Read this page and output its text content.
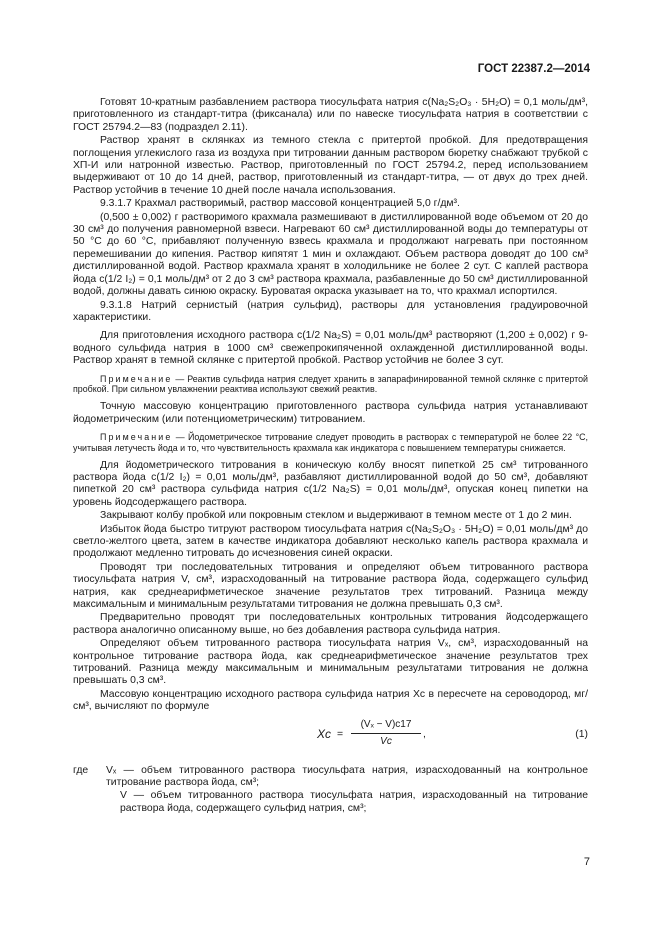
ГОСТ 22387.2—2014

Готовят 10-кратным разбавлением раствора тиосульфата натрия c(Na₂S₂O₃ · 5H₂O) = 0,1 моль/дм³, приготовленного из стандарт-титра (фиксанала) или по навеске тиосульфата натрия в соответствии с ГОСТ 25794.2—83 (подраздел 2.11).

Раствор хранят в склянках из темного стекла с притертой пробкой. Для предотвращения поглощения углекислого газа из воздуха при титровании данным раствором бюретку снабжают трубкой с ХП-И или натронной известью. Раствор, приготовленный по ГОСТ 25794.2, перед использованием выдерживают от 10 до 14 дней, раствор, приготовленный из стандарт-титра, — от двух до трех дней. Раствор устойчив в течение 10 дней после начала использования.

9.3.1.7 Крахмал растворимый, раствор массовой концентрацией 5,0 г/дм³.

(0,500 ± 0,002) г растворимого крахмала размешивают в дистиллированной воде объемом от 20 до 30 см³ до получения равномерной взвеси. Нагревают 60 см³ дистиллированной воды до температуры от 50 °С до 60 °С, прибавляют полученную взвесь крахмала и продолжают нагревать при постоянном перемешивании до кипения. Раствор кипятят 1 мин и охлаждают. Объем раствора доводят до 100 см³ дистиллированной водой. Раствор крахмала хранят в холодильнике не более 2 сут. С каплей раствора йода c(1/2 I₂) = 0,1 моль/дм³ от 2 до 3 см³ раствора крахмала, разбавленные до 50 см³ дистиллированной водой, должны давать синюю окраску. Буроватая окраска указывает на то, что крахмал испортился.

9.3.1.8 Натрий сернистый (натрия сульфид), растворы для установления градуировочной характеристики.

Для приготовления исходного раствора c(1/2 Na₂S) = 0,01 моль/дм³ растворяют (1,200 ± 0,002) г 9-водного сульфида натрия в 1000 см³ свежепрокипяченной охлажденной дистиллированной воды. Раствор хранят в темной склянке с притертой пробкой. Раствор устойчив не более 3 сут.

Примечание — Реактив сульфида натрия следует хранить в запарафинированной темной склянке с притертой пробкой. При сильном увлажнении реактива используют свежий реактив.

Точную массовую концентрацию приготовленного раствора сульфида натрия устанавливают йодометрическим (или потенциометрическим) титрованием.

Примечание — Йодометрическое титрование следует проводить в растворах с температурой не более 22 °С, учитывая летучесть йода и то, что чувствительность крахмала как индикатора с повышением температуры снижается.

Для йодометрического титрования в коническую колбу вносят пипеткой 25 см³ титрованного раствора йода c(1/2 I₂) = 0,01 моль/дм³, разбавляют дистиллированной водой до 50 см³, добавляют пипеткой 20 см³ раствора сульфида натрия c(1/2 Na₂S) = 0,01 моль/дм³, опуская конец пипетки на уровень йодсодержащего раствора.

Закрывают колбу пробкой или покровным стеклом и выдерживают в темном месте от 1 до 2 мин.

Избыток йода быстро титруют раствором тиосульфата натрия c(Na₂S₂O₃ · 5H₂O) = 0,01 моль/дм³ до светло-желтого цвета, затем в качестве индикатора добавляют несколько капель раствора крахмала и продолжают медленно титровать до исчезновения синей окраски.

Проводят три последовательных титрования и определяют объем титрованного раствора тиосульфата натрия V, см³, израсходованный на титрование раствора йода, содержащего сульфид натрия, как среднеарифметическое значение результатов трех титрований. Разница между максимальным и минимальным результатами титрования не должна превышать 0,3 см³.

Предварительно проводят три последовательных контрольных титрования йодсодержащего раствора аналогично описанному выше, но без добавления раствора сульфида натрия.

Определяют объем титрованного раствора тиосульфата натрия Vₓ, см³, израсходованный на контрольное титрование раствора йода, как среднеарифметическое значение результатов трех титрований. Разница между максимальным и минимальным результатами титрования не должна превышать 0,3 см³.

Массовую концентрацию исходного раствора сульфида натрия Xc в пересчете на сероводород, мг/см³, вычисляют по формуле

$Xc = \frac{\text{(Vₓ − V)c17}}{Vc}$ ,	(1)
где Vₓ — объем титрованного раствора тиосульфата натрия, израсходованный на контрольное титрование раствора йода, см³;

V — объем титрованного раствора тиосульфата натрия, израсходованный на титрование раствора йода, содержащего сульфид натрия, см³;

7
